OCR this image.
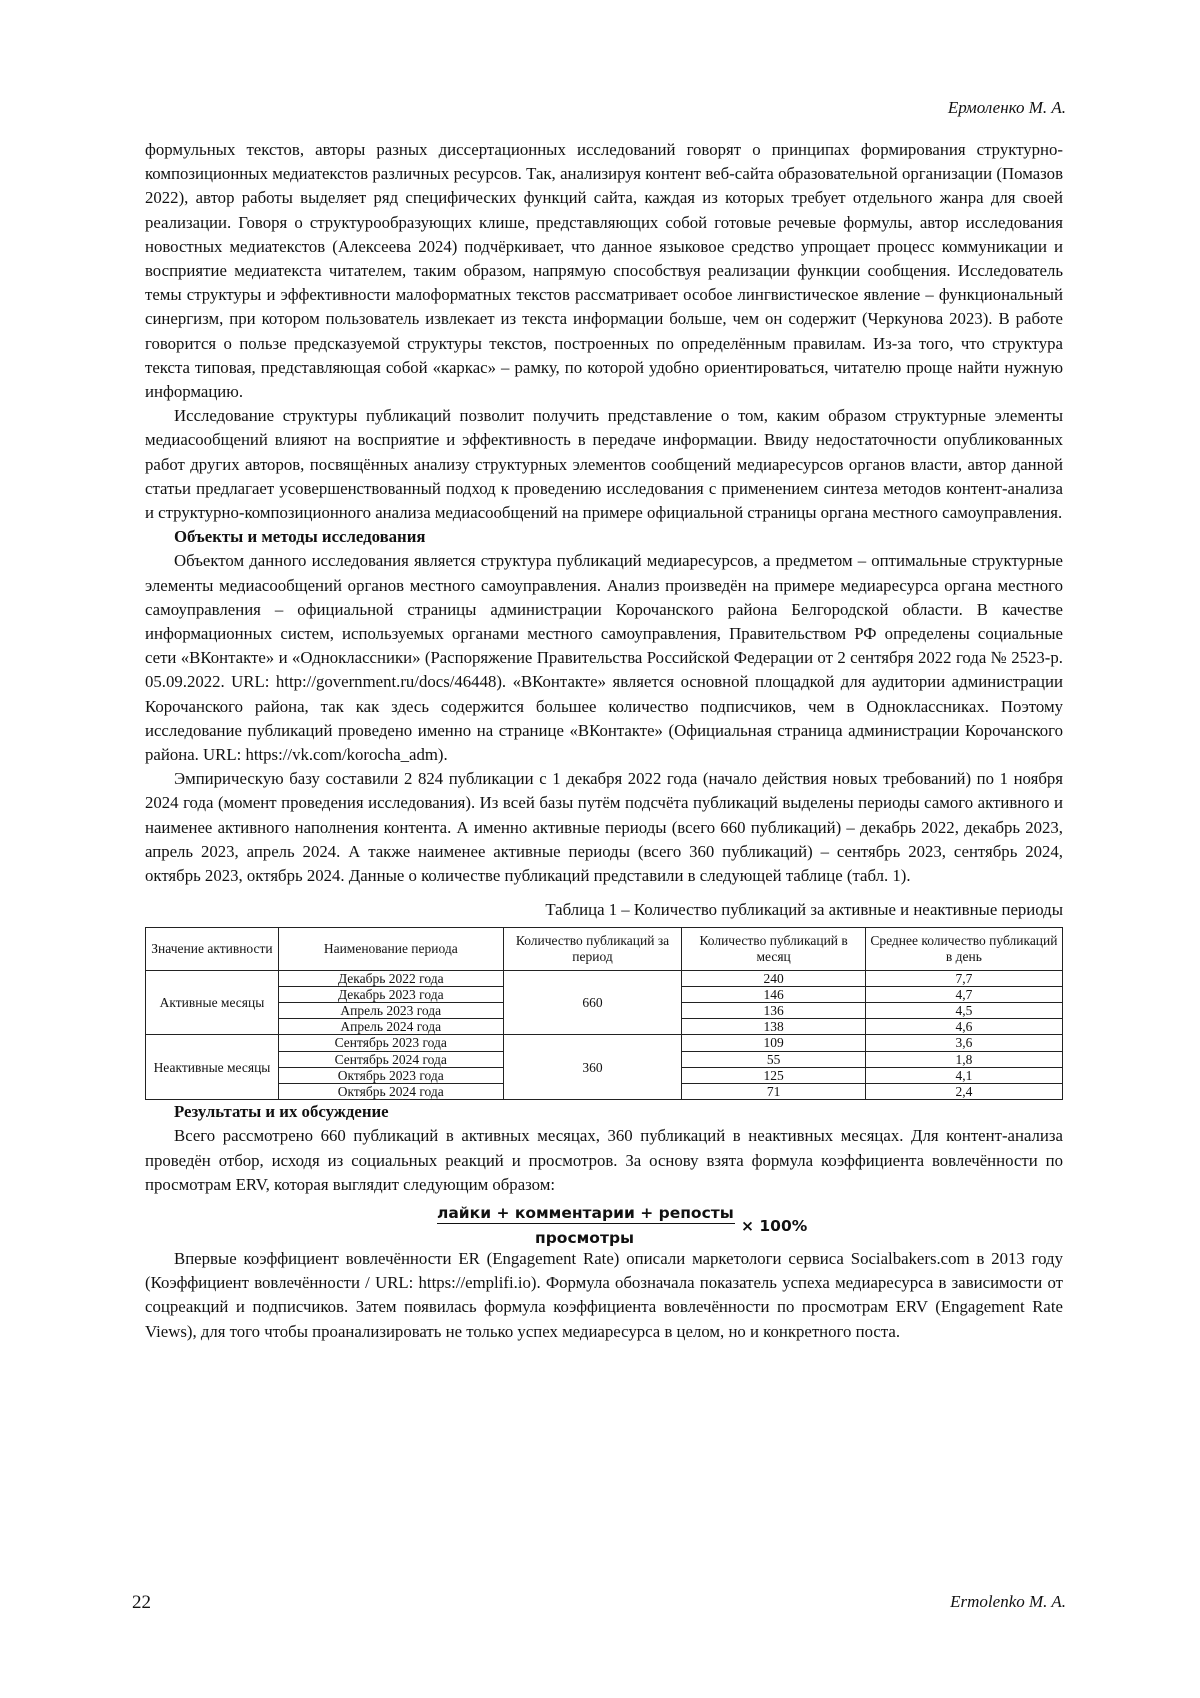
Ермоленко М. А.

формульных текстов, авторы разных диссертационных исследований говорят о принципах формирования структурно-композиционных медиатекстов различных ресурсов. Так, анализируя контент веб-сайта образовательной организации (Помазов 2022), автор работы выделяет ряд специфических функций сайта, каждая из которых требует отдельного жанра для своей реализации. Говоря о структурообразующих клише, представляющих собой готовые речевые формулы, автор исследования новостных медиатекстов (Алексеева 2024) подчёркивает, что данное языковое средство упрощает процесс коммуникации и восприятие медиатекста читателем, таким образом, напрямую способствуя реализации функции сообщения. Исследователь темы структуры и эффективности малоформатных текстов рассматривает особое лингвистическое явление – функциональный синергизм, при котором пользователь извлекает из текста информации больше, чем он содержит (Черкунова 2023). В работе говорится о пользе предсказуемой структуры текстов, построенных по определённым правилам. Из-за того, что структура текста типовая, представляющая собой «каркас» – рамку, по которой удобно ориентироваться, читателю проще найти нужную информацию.

Исследование структуры публикаций позволит получить представление о том, каким образом структурные элементы медиасообщений влияют на восприятие и эффективность в передаче информации. Ввиду недостаточности опубликованных работ других авторов, посвящённых анализу структурных элементов сообщений медиаресурсов органов власти, автор данной статьи предлагает усовершенствованный подход к проведению исследования с применением синтеза методов контент-анализа и структурно-композиционного анализа медиасообщений на примере официальной страницы органа местного самоуправления.

Объекты и методы исследования

Объектом данного исследования является структура публикаций медиаресурсов, а предметом – оптимальные структурные элементы медиасообщений органов местного самоуправления. Анализ произведён на примере медиаресурса органа местного самоуправления – официальной страницы администрации Корочанского района Белгородской области. В качестве информационных систем, используемых органами местного самоуправления, Правительством РФ определены социальные сети «ВКонтакте» и «Одноклассники» (Распоряжение Правительства Российской Федерации от 2 сентября 2022 года № 2523-р. 05.09.2022. URL: http://government.ru/docs/46448). «ВКонтакте» является основной площадкой для аудитории администрации Корочанского района, так как здесь содержится большее количество подписчиков, чем в Одноклассниках. Поэтому исследование публикаций проведено именно на странице «ВКонтакте» (Официальная страница администрации Корочанского района. URL: https://vk.com/korocha_adm).

Эмпирическую базу составили 2 824 публикации с 1 декабря 2022 года (начало действия новых требований) по 1 ноября 2024 года (момент проведения исследования). Из всей базы путём подсчёта публикаций выделены периоды самого активного и наименее активного наполнения контента. А именно активные периоды (всего 660 публикаций) – декабрь 2022, декабрь 2023, апрель 2023, апрель 2024. А также наименее активные периоды (всего 360 публикаций) – сентябрь 2023, сентябрь 2024, октябрь 2023, октябрь 2024. Данные о количестве публикаций представили в следующей таблице (табл. 1).

Таблица 1 – Количество публикаций за активные и неактивные периоды
Значение активности	Наименование периода	Количество публикаций за период	Количество публикаций в месяц	Среднее количество публикаций в день
Активные месяцы	Декабрь 2022 года	660	240	7,7
	Декабрь 2023 года		146	4,7
	Апрель 2023 года		136	4,5
	Апрель 2024 года		138	4,6
Неактивные месяцы	Сентябрь 2023 года	360	109	3,6
	Сентябрь 2024 года		55	1,8
	Октябрь 2023 года		125	4,1
	Октябрь 2024 года		71	2,4

Результаты и их обсуждение

Всего рассмотрено 660 публикаций в активных месяцах, 360 публикаций в неактивных месяцах. Для контент-анализа проведён отбор, исходя из социальных реакций и просмотров. За основу взята формула коэффициента вовлечённости по просмотрам ERV, которая выглядит следующим образом:

лайки + комментарии + репосты
просмотры
× 100%

Впервые коэффициент вовлечённости ER (Engagement Rate) описали маркетологи сервиса Socialbakers.com в 2013 году (Коэффициент вовлечённости / URL: https://emplifi.io). Формула обозначала показатель успеха медиаресурса в зависимости от соцреакций и подписчиков. Затем появилась формула коэффициента вовлечённости по просмотрам ERV (Engagement Rate Views), для того чтобы проанализировать не только успех медиаресурса в целом, но и конкретного поста.

22	Ermolenko M. A.
